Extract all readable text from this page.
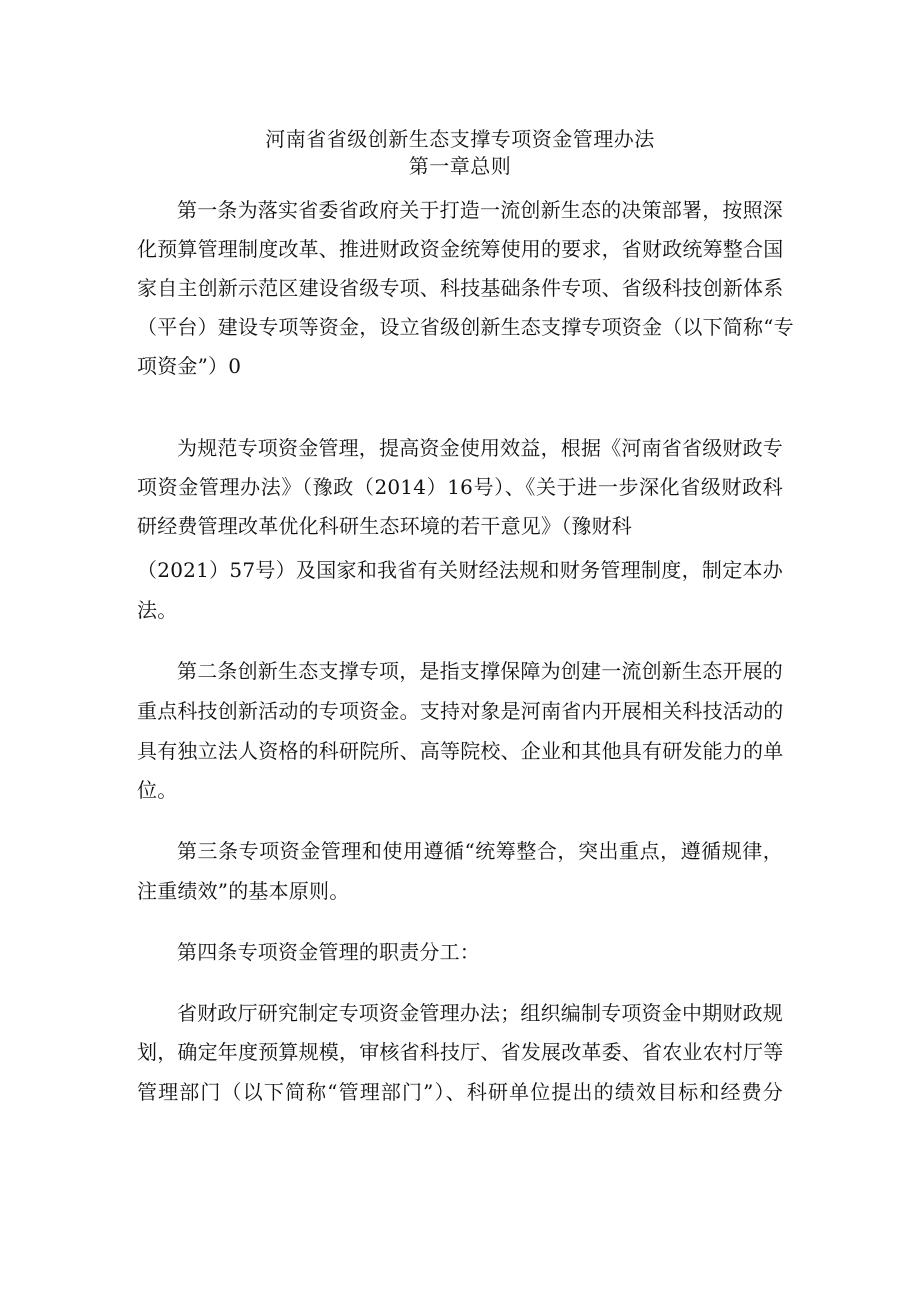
河南省省级创新生态支撑专项资金管理办法
第一章总则
第一条为落实省委省政府关于打造一流创新生态的决策部署，按照深
化预算管理制度改革、推进财政资金统筹使用的要求，省财政统筹整合国
家自主创新示范区建设省级专项、科技基础条件专项、省级科技创新体系
（平台）建设专项等资金，设立省级创新生态支撑专项资金（以下简称“专
项资金”）0
为规范专项资金管理，提高资金使用效益，根据《河南省省级财政专
项资金管理办法》（豫政（2014）16号）、《关于进一步深化省级财政科
研经费管理改革优化科研生态环境的若干意见》（豫财科
（2021）57号）及国家和我省有关财经法规和财务管理制度，制定本办
法。
第二条创新生态支撑专项，是指支撑保障为创建一流创新生态开展的
重点科技创新活动的专项资金。支持对象是河南省内开展相关科技活动的
具有独立法人资格的科研院所、高等院校、企业和其他具有研发能力的单
位。
第三条专项资金管理和使用遵循“统筹整合，突出重点，遵循规律，
注重绩效”的基本原则。
第四条专项资金管理的职责分工：
省财政厅研究制定专项资金管理办法；组织编制专项资金中期财政规
划，确定年度预算规模，审核省科技厅、省发展改革委、省农业农村厅等
管理部门（以下简称“管理部门”）、科研单位提出的绩效目标和经费分
